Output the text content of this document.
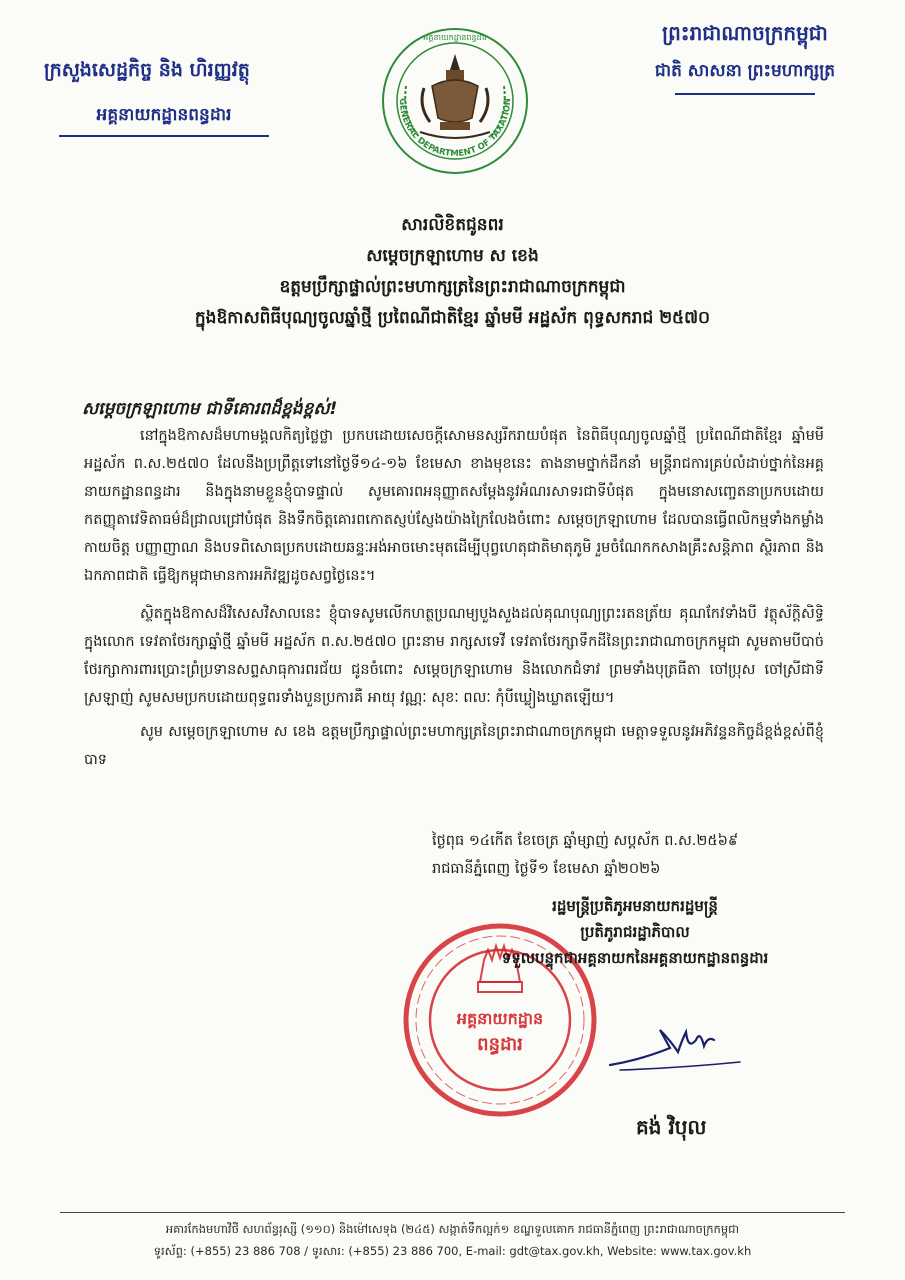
ក្រសួងសេដ្ឋកិច្ច និង ហិរញ្ញវត្ថុ
អគ្គនាយកដ្ឋានពន្ធដារ
GENERAL DEPARTMENT OF TAXATION
អគ្គនាយកដ្ឋានពន្ធដារ	ព្រះរាជាណាចក្រកម្ពុជា
ជាតិ សាសនា ព្រះមហាក្សត្រ
សារលិខិតជូនពរ
សម្ដេចក្រឡាហោម ស ខេង
ឧត្តមប្រឹក្សាផ្ទាល់ព្រះមហាក្សត្រនៃព្រះរាជាណាចក្រកម្ពុជា
ក្នុងឱកាសពិធីបុណ្យចូលឆ្នាំថ្មី ប្រពៃណីជាតិខ្មែរ ឆ្នាំមមី អដ្ឋស័ក ពុទ្ធសករាជ ២៥៧០
សម្ដេចក្រឡាហោម ជាទីគោរពដ៏ខ្ពង់ខ្ពស់!

នៅក្នុងឱកាសដ៏មហាមង្គលកិត្យថ្លៃថ្លា ប្រកបដោយសេចក្ដីសោមនស្សរីករាយបំផុត នៃពិធីបុណ្យចូលឆ្នាំថ្មី ប្រពៃណីជាតិខ្មែរ ឆ្នាំមមី អដ្ឋស័ក ព.ស.២៥៧០ ដែលនឹងប្រព្រឹត្តទៅនៅថ្ងៃទី១៤-១៦ ខែមេសា ខាងមុខនេះ តាងនាមថ្នាក់ដឹកនាំ មន្ត្រីរាជការគ្រប់លំដាប់ថ្នាក់នៃអគ្គនាយកដ្ឋានពន្ធដារ និងក្នុងនាមខ្លួនខ្ញុំបាទផ្ទាល់ សូមគោរពអនុញ្ញាតសម្ដែងនូវអំណរសាទរជាទីបំផុត ក្នុងមនោសញ្ចេតនាប្រកបដោយកតញ្ញុតាវេទិតាធម៌ដ៏ជ្រាលជ្រៅបំផុត និងទឹកចិត្តគោរពកោតស្ញប់ស្ញែងយ៉ាងក្រៃលែងចំពោះ សម្ដេចក្រឡាហោម ដែលបានធ្វើពលិកម្មទាំងកម្លាំងកាយចិត្ត បញ្ញាញាណ និងបទពិសោធប្រកបដោយឆន្ទៈអង់អាចមោះមុតដើម្បីបុព្វហេតុជាតិមាតុភូមិ រួមចំណែកកសាងគ្រឹះសន្តិភាព ស្ថិរភាព និងឯកភាពជាតិ ធ្វើឱ្យកម្ពុជាមានការអភិវឌ្ឍដូចសព្វថ្ងៃនេះ។

ស្ថិតក្នុងឱកាសដ៏វិសេសវិសាលនេះ ខ្ញុំបាទសូមលើកហត្ថប្រណម្យបួងសួងដល់គុណបុណ្យព្រះរតនត្រ័យ គុណកែវទាំងបី វត្ថុស័ក្តិសិទ្ធិក្នុងលោក ទេវតាថែរក្សាឆ្នាំថ្មី ឆ្នាំមមី អដ្ឋស័ក ព.ស.២៥៧០ ព្រះនាម រាក្សសទេវី ទេវតាថែរក្សាទឹកដីនៃព្រះរាជាណាចក្រកម្ពុជា សូមតាមបីបាច់ថែរក្សាការពារប្រោះព្រំប្រទានសព្ទសាធុការពរជ័យ ជូនចំពោះ សម្ដេចក្រឡាហោម និងលោកជំទាវ ព្រមទាំងបុត្រធីតា ចៅប្រុស ចៅស្រីជាទីស្រឡាញ់ សូមសមប្រកបដោយពុទ្ធពរទាំងបួនប្រការគឺ អាយុ វណ្ណៈ សុខៈ ពលៈ កុំបីឃ្លៀងឃ្លាតឡើយ។

សូម សម្ដេចក្រឡាហោម ស ខេង ឧត្តមប្រឹក្សាផ្ទាល់ព្រះមហាក្សត្រនៃព្រះរាជាណាចក្រកម្ពុជា មេត្តាទទួលនូវអភិវន្ទនកិច្ចដ៏ខ្ពង់ខ្ពស់ពីខ្ញុំបាទ

ថ្ងៃពុធ ១៤កើត ខែចេត្រ ឆ្នាំម្សាញ់ សប្តស័ក ព.ស.២៥៦៩
រាជធានីភ្នំពេញ ថ្ងៃទី១ ខែមេសា ឆ្នាំ២០២៦
អគ្គនាយកដ្ឋាន
ពន្ធដារ
រដ្ឋមន្ត្រីប្រតិភូអមនាយករដ្ឋមន្ត្រី
ប្រតិភូរាជរដ្ឋាភិបាល
ទទួលបន្ទុកជាអគ្គនាយកនៃអគ្គនាយកដ្ឋានពន្ធដារ
គង់ វិបុល
អគារកែងមហាវិថី សហព័ន្ធរុស្សី (១១០) និងម៉ៅសេទុង (២៤៥) សង្កាត់ទឹកល្អក់១ ខណ្ឌទួលគោក រាជធានីភ្នំពេញ ព្រះរាជាណាចក្រកម្ពុជា
ទូរស័ព្ទ: (+855) 23 886 708 / ទូរសារ: (+855) 23 886 700, E-mail: gdt@tax.gov.kh, Website: www.tax.gov.kh
